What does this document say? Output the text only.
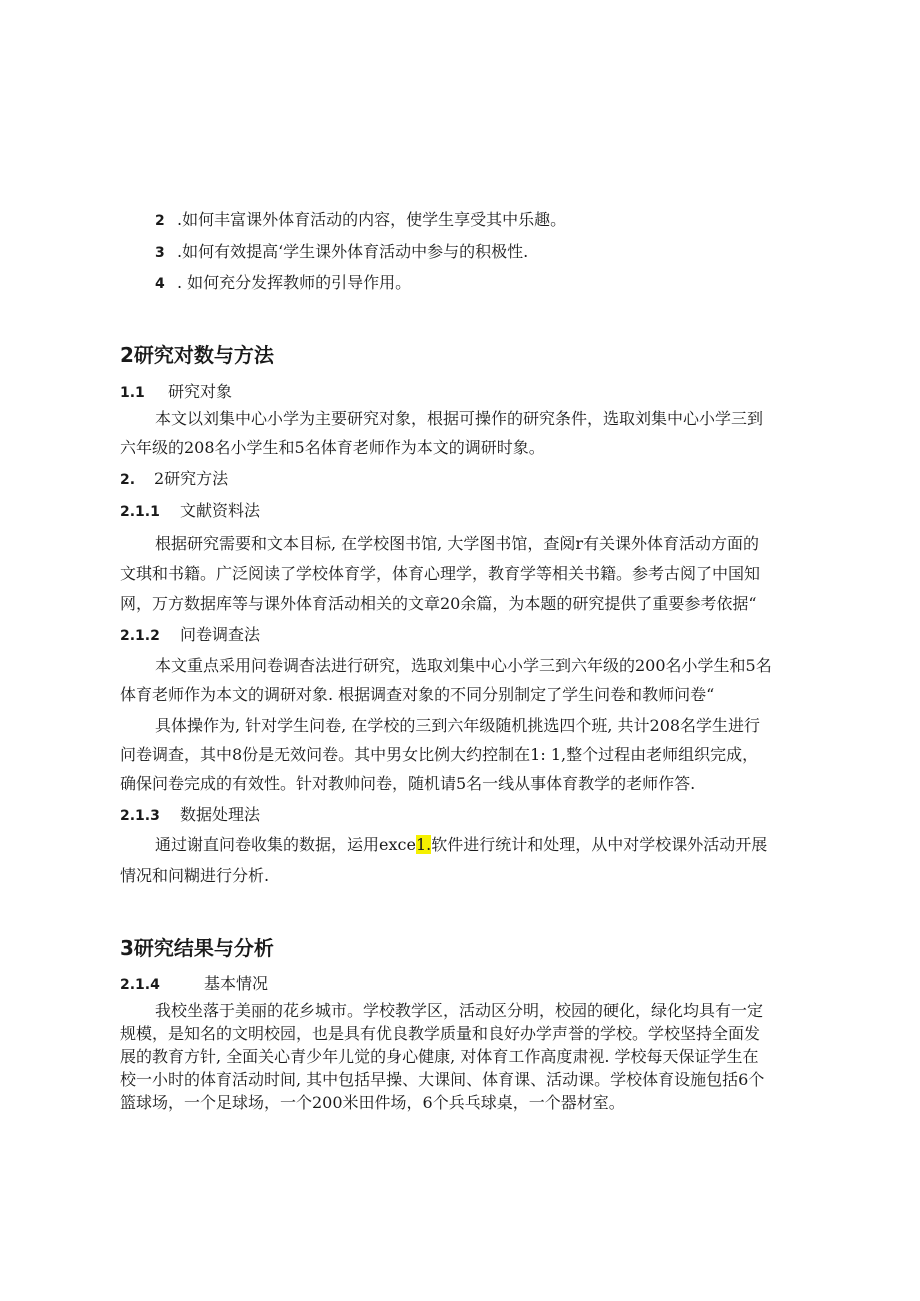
2 .如何丰富课外体育活动的内容，使学生享受其中乐趣。
3 .如何有效提高‘学生课外体育活动中参与的积极性.
4 . 如何充分发挥教师的引导作用。
2研究对数与方法
1.1 研究对象
本文以刘集中心小学为主要研究对象，根据可操作的研究条件，选取刘集中心小学三到
六年级的208名小学生和5名体育老师作为本文的调研时象。
2. 2研究方法
2.1.1 文献资料法
根据研究需要和文本目标, 在学校图书馆, 大学图书馆，查阅r有关课外体育活动方面的
文琪和书籍。广泛阅读了学校体育学，体育心理学，教育学等相关书籍。参考古阅了中国知
网，万方数据库等与课外体育活动相关的文章20余篇，为本题的研究提供了重要参考依据“
2.1.2 问卷调查法
本文重点采用问卷调杳法进行研究，选取刘集中心小学三到六年级的200名小学生和5名
体育老师作为本文的调研对象. 根据调查对象的不同分别制定了学生问卷和教师问卷“
具体操作为, 针对学生问卷, 在学校的三到六年级随机挑选四个班, 共计208名学生进行
问卷调查，其中8份是无效问卷。其中男女比例大约控制在1: 1,整个过程由老师组织完成，
确保问卷完成的有效性。针对教帅问卷，随机请5名一线从事体育教学的老师作答.
2.1.3 数据处理法
通过谢直问卷收集的数据，运用exce1.软件进行统计和处理，从中对学校课外活动开展
情况和问糊进行分析.
3研究结果与分析
2.1.4	基本情况
我校坐落于美丽的花乡城市。学校教学区，活动区分明，校园的硬化，绿化均具有一定
规模，是知名的文明校园，也是具有优良教学质量和良好办学声誉的学校。学校坚持全面发
展的教育方针, 全面关心青少年儿觉的身心健康, 对体育工作高度肃视. 学校每天保证学生在
校一小时的体育活动时间, 其中包括早操、大课间、体育课、活动课。学校体育设施包括6个
篮球场，一个足球场，一个200米田件场，6个兵乓球桌，一个器材室。
